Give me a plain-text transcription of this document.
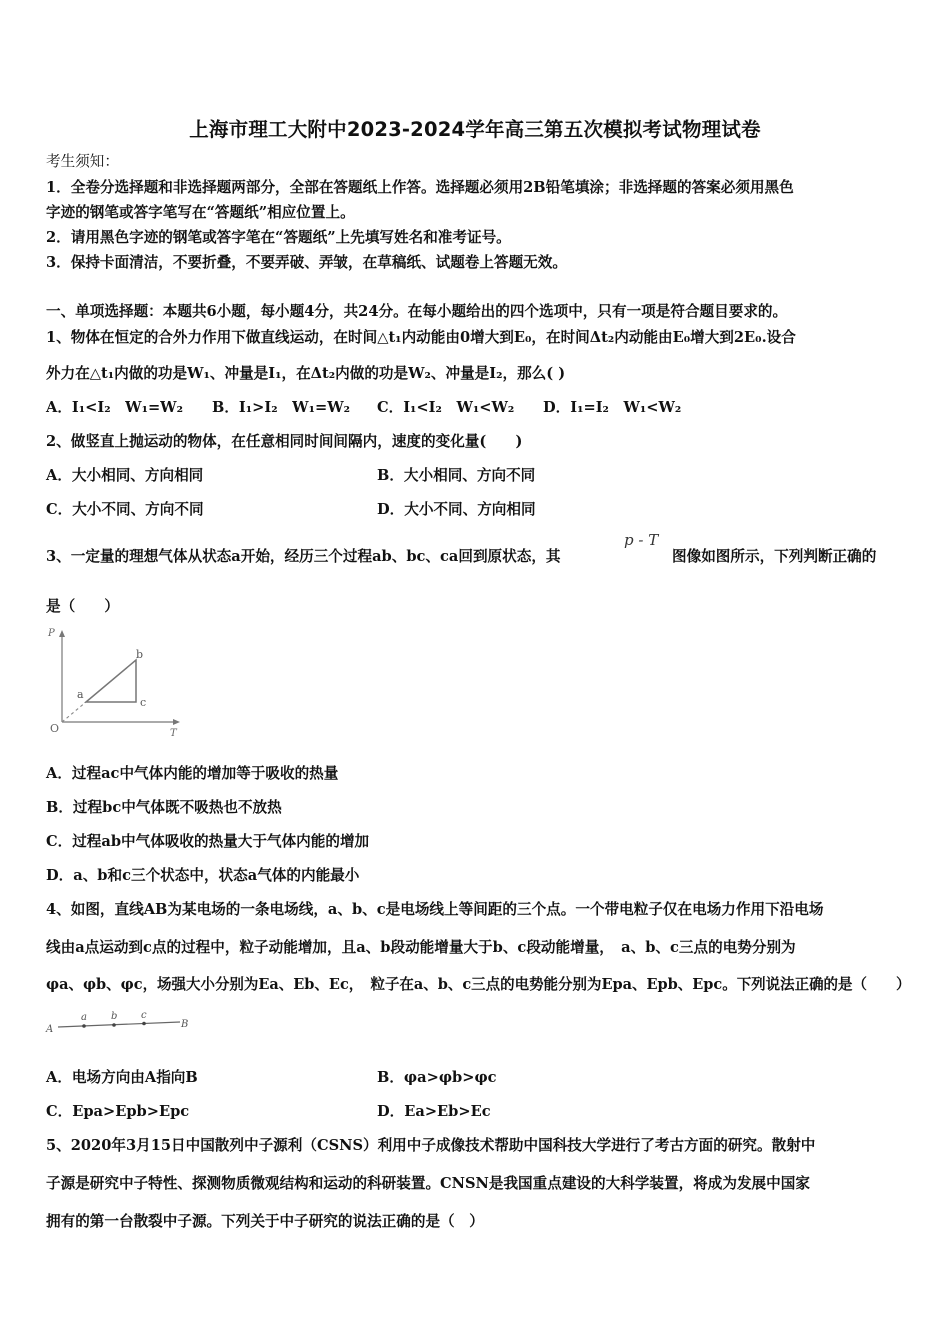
上海市理工大附中2023-2024学年高三第五次模拟考试物理试卷
考生须知：
1．全卷分选择题和非选择题两部分，全部在答题纸上作答。选择题必须用2B铅笔填涂；非选择题的答案必须用黑色
字迹的钢笔或答字笔写在“答题纸”相应位置上。
2．请用黑色字迹的钢笔或答字笔在“答题纸”上先填写姓名和准考证号。
3．保持卡面清洁，不要折叠，不要弄破、弄皱，在草稿纸、试题卷上答题无效。
一、单项选择题：本题共6小题，每小题4分，共24分。在每小题给出的四个选项中，只有一项是符合题目要求的。
1、物体在恒定的合外力作用下做直线运动，在时间△t₁内动能由0增大到E₀，在时间Δt₂内动能由E₀增大到2E₀.设合
外力在△t₁内做的功是W₁、冲量是I₁，在Δt₂内做的功是W₂、冲量是I₂，那么( )
A．I₁<I₂　W₁=W₂ B．I₁>I₂　W₁=W₂ C．I₁<I₂　W₁<W₂ D．I₁=I₂　W₁<W₂
2、做竖直上抛运动的物体，在任意相同时间间隔内，速度的变化量(　　)
A．大小相同、方向相同	B．大小相同、方向不同
C．大小不同、方向不同	D．大小不同、方向相同
3、一定量的理想气体从状态a开始，经历三个过程ab、bc、ca回到原状态，其
p - T
图像如图所示，下列判断正确的
是（　　）
P
T
O
a
b
c
A．过程ac中气体内能的增加等于吸收的热量
B．过程bc中气体既不吸热也不放热
C．过程ab中气体吸收的热量大于气体内能的增加
D．a、b和c三个状态中，状态a气体的内能最小
4、如图，直线AB为某电场的一条电场线，a、b、c是电场线上等间距的三个点。一个带电粒子仅在电场力作用下沿电场
线由a点运动到c点的过程中，粒子动能增加，且a、b段动能增量大于b、c段动能增量，　a、b、c三点的电势分别为
φa、φb、φc，场强大小分别为Ea、Eb、Ec，　粒子在a、b、c三点的电势能分别为Epa、Epb、Epc。下列说法正确的是（　　）
A	B
a b c
A．电场方向由A指向B	B．φa>φb>φc
C．Epa>Epb>Epc	D．Ea>Eb>Ec
5、2020年3月15日中国散列中子源利（CSNS）利用中子成像技术帮助中国科技大学进行了考古方面的研究。散射中
子源是研究中子特性、探测物质微观结构和运动的科研装置。CNSN是我国重点建设的大科学装置，将成为发展中国家
拥有的第一台散裂中子源。下列关于中子研究的说法正确的是（　）
